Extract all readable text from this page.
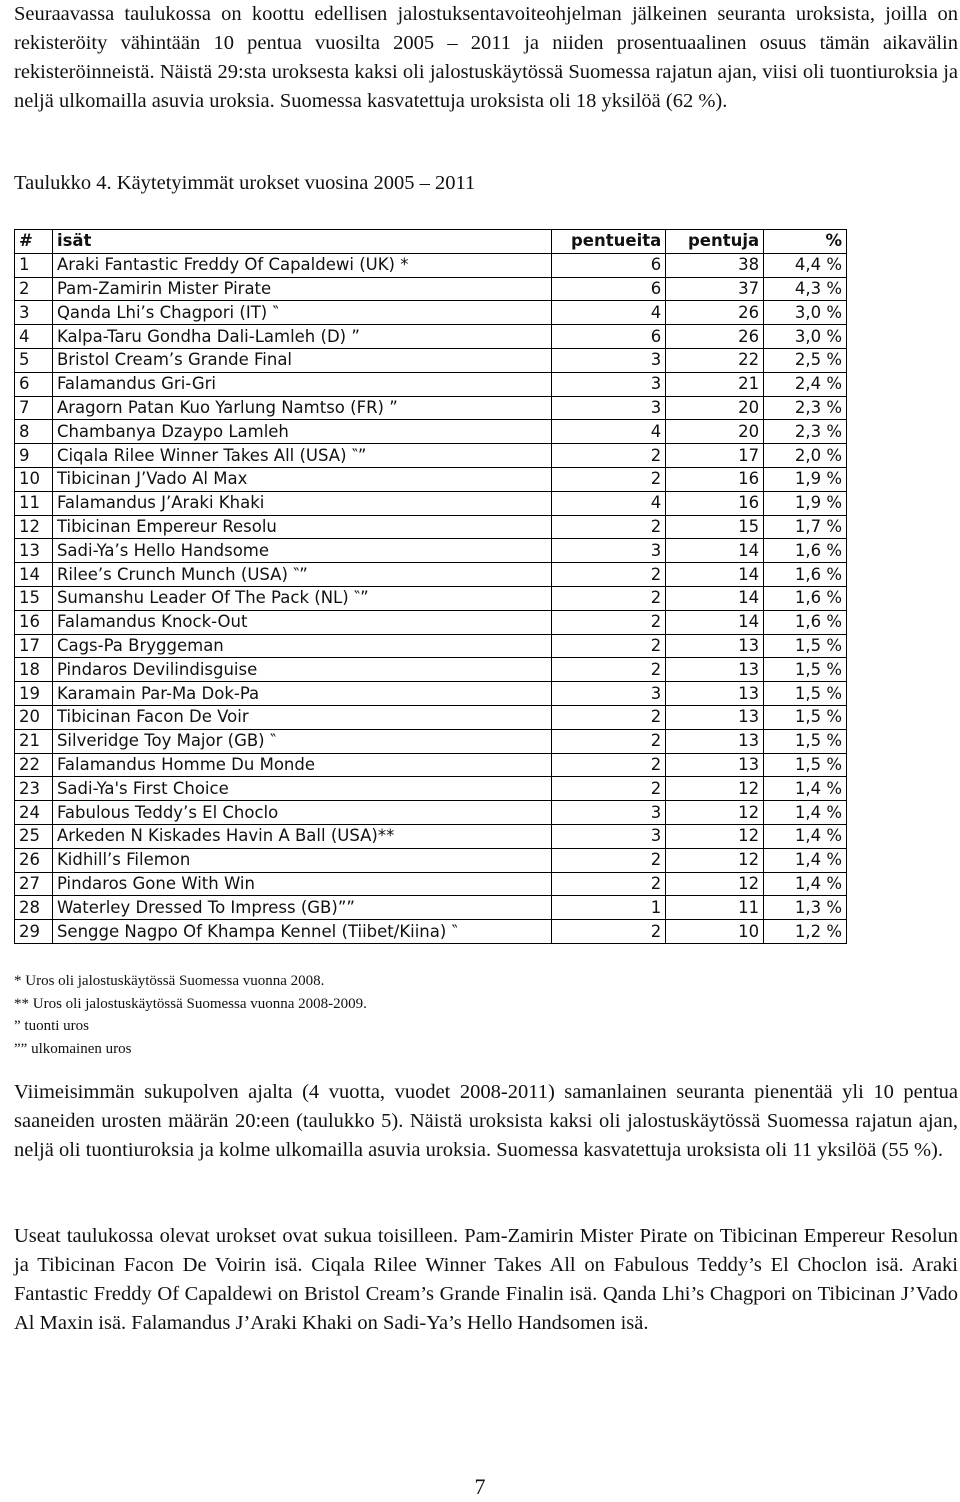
Seuraavassa taulukossa on koottu edellisen jalostuksentavoiteohjelman jälkeinen seuranta uroksista, joilla on rekisteröity vähintään 10 pentua vuosilta 2005 – 2011 ja niiden prosentuaalinen osuus tämän aikavälin rekisteröinneistä. Näistä 29:sta uroksesta kaksi oli jalostuskäytössä Suomessa rajatun ajan, viisi oli tuontiuroksia ja neljä ulkomailla asuvia uroksia. Suomessa kasvatettuja uroksista oli 18 yksilöä (62 %).

Taulukko 4. Käytetyimmät urokset vuosina 2005 – 2011
#	isät	pentueita	pentuja	%
1	Araki Fantastic Freddy Of Capaldewi (UK) *	6	38	4,4 %
2	Pam-Zamirin Mister Pirate	6	37	4,3 %
3	Qanda Lhi’s Chagpori (IT) ‶	4	26	3,0 %
4	Kalpa-Taru Gondha Dali-Lamleh (D) ”	6	26	3,0 %
5	Bristol Cream’s Grande Final	3	22	2,5 %
6	Falamandus Gri-Gri	3	21	2,4 %
7	Aragorn Patan Kuo Yarlung Namtso (FR) ”	3	20	2,3 %
8	Chambanya Dzaypo Lamleh	4	20	2,3 %
9	Ciqala Rilee Winner Takes All (USA) ‶”	2	17	2,0 %
10	Tibicinan J’Vado Al Max	2	16	1,9 %
11	Falamandus J’Araki Khaki	4	16	1,9 %
12	Tibicinan Empereur Resolu	2	15	1,7 %
13	Sadi-Ya’s Hello Handsome	3	14	1,6 %
14	Rilee’s Crunch Munch (USA) ‶”	2	14	1,6 %
15	Sumanshu Leader Of The Pack (NL) ‶”	2	14	1,6 %
16	Falamandus Knock-Out	2	14	1,6 %
17	Cags-Pa Bryggeman	2	13	1,5 %
18	Pindaros Devilindisguise	2	13	1,5 %
19	Karamain Par-Ma Dok-Pa	3	13	1,5 %
20	Tibicinan Facon De Voir	2	13	1,5 %
21	Silveridge Toy Major (GB) ‶	2	13	1,5 %
22	Falamandus Homme Du Monde	2	13	1,5 %
23	Sadi-Ya's First Choice	2	12	1,4 %
24	Fabulous Teddy’s El Choclo	3	12	1,4 %
25	Arkeden N Kiskades Havin A Ball (USA)**	3	12	1,4 %
26	Kidhill’s Filemon	2	12	1,4 %
27	Pindaros Gone With Win	2	12	1,4 %
28	Waterley Dressed To Impress (GB)””	1	11	1,3 %
29	Sengge Nagpo Of Khampa Kennel (Tiibet/Kiina) ‶	2	10	1,2 %
* Uros oli jalostuskäytössä Suomessa vuonna 2008.
** Uros oli jalostuskäytössä Suomessa vuonna 2008-2009.
” tuonti uros
”” ulkomainen uros

Viimeisimmän sukupolven ajalta (4 vuotta, vuodet 2008-2011) samanlainen seuranta pienentää yli 10 pentua saaneiden urosten määrän 20:een (taulukko 5). Näistä uroksista kaksi oli jalostuskäytössä Suomessa rajatun ajan, neljä oli tuontiuroksia ja kolme ulkomailla asuvia uroksia. Suomessa kasvatettuja uroksista oli 11 yksilöä (55 %).

Useat taulukossa olevat urokset ovat sukua toisilleen. Pam-Zamirin Mister Pirate on Tibicinan Empereur Resolun ja Tibicinan Facon De Voirin isä. Ciqala Rilee Winner Takes All on Fabulous Teddy’s El Choclon isä. Araki Fantastic Freddy Of Capaldewi on Bristol Cream’s Grande Finalin isä. Qanda Lhi’s Chagpori on Tibicinan J’Vado Al Maxin isä. Falamandus J’Araki Khaki on Sadi-Ya’s Hello Handsomen isä.

7
